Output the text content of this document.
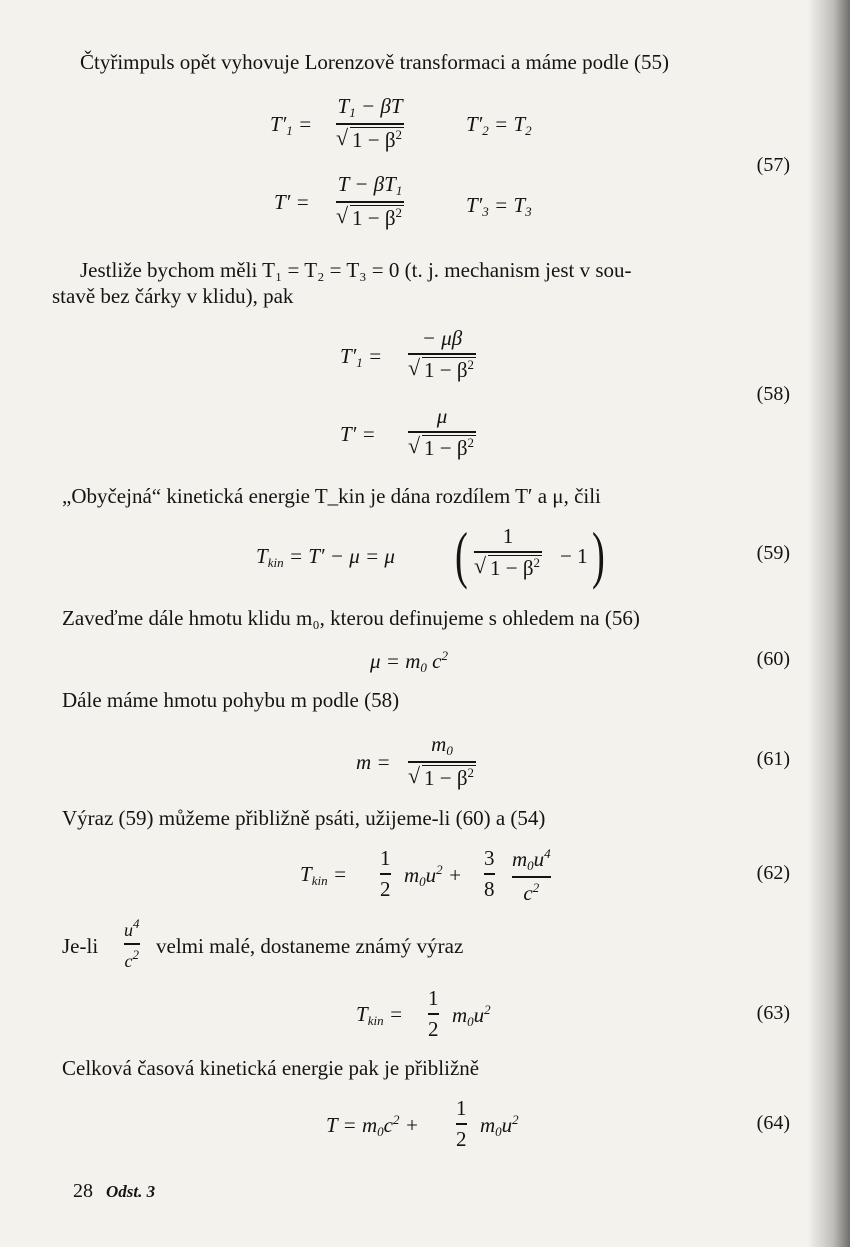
Čtyřimpuls opět vyhovuje Lorenzově transformaci a máme podle (55)
$T'_1$ =
$T_1 - \beta T$
√ $1 - \beta^2$	$T'_2 = T_2$
T′ =
$T - \beta T_1$
√ $1 - \beta^2$	$T'_3 = T_3$
(57)
Jestliže bychom měli T₁ = T₂ = T₃ = 0 (t. j. mechanism jest v sou-
stavě bez čárky v klidu), pak
$T'_1$ =
− μβ
√ $1 - \beta^2$
T′ =
μ
√ $1 - \beta^2$
(58)
„Obyčejná“ kinetická energie T_kin je dána rozdílem T′ a μ, čili
$T_{kin} = T' - \mu = \mu$ ( 1
√ $1 - \beta^2 - 1$ )	(59)
Zaveďme dále hmotu klidu m₀, kterou definujeme s ohledem na (56)
$\mu = m_0$ $c^2$	(60)
Dále máme hmotu pohybu m podle (58)
m =
$m_0$
√ $1 - \beta^2$
(61)
Výraz (59) můžeme přibližně psáti, užijeme-li (60) a (54)
$T_{kin}$ =
1
2
$m_0u^2$ +
3
8
$m_0u^4$
$c^2$
(62)
Je-li
$u^4$
$c^2$ velmi malé, dostaneme známý výraz
$T_{kin}$ =
1
2
$m_0u^2$	(63)
Celková časová kinetická energie pak je přibližně
$T = m_0c^2$ +
1
2
$m_0u^2$	(64)
28 Odst. 3
